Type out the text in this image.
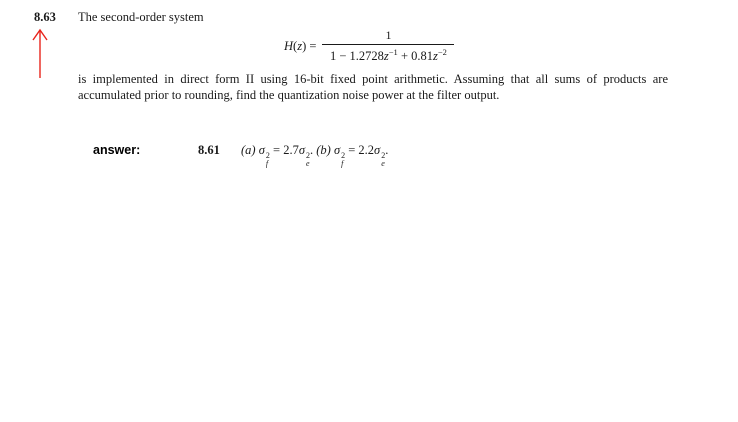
8.63 The second-order system
$H(z) = \frac{1}{1 - 1.2728z^{-1} + 0.81z^{-2}}$
is implemented in direct form II using 16-bit fixed point arithmetic. Assuming that all sums of products are accumulated prior to rounding, find the quantization noise power at the filter output.
answer:	8.61 (a) σ 2
f
= 2.7σ 2
e
. (b) σ 2
f
= 2.2σ 2
e
.
